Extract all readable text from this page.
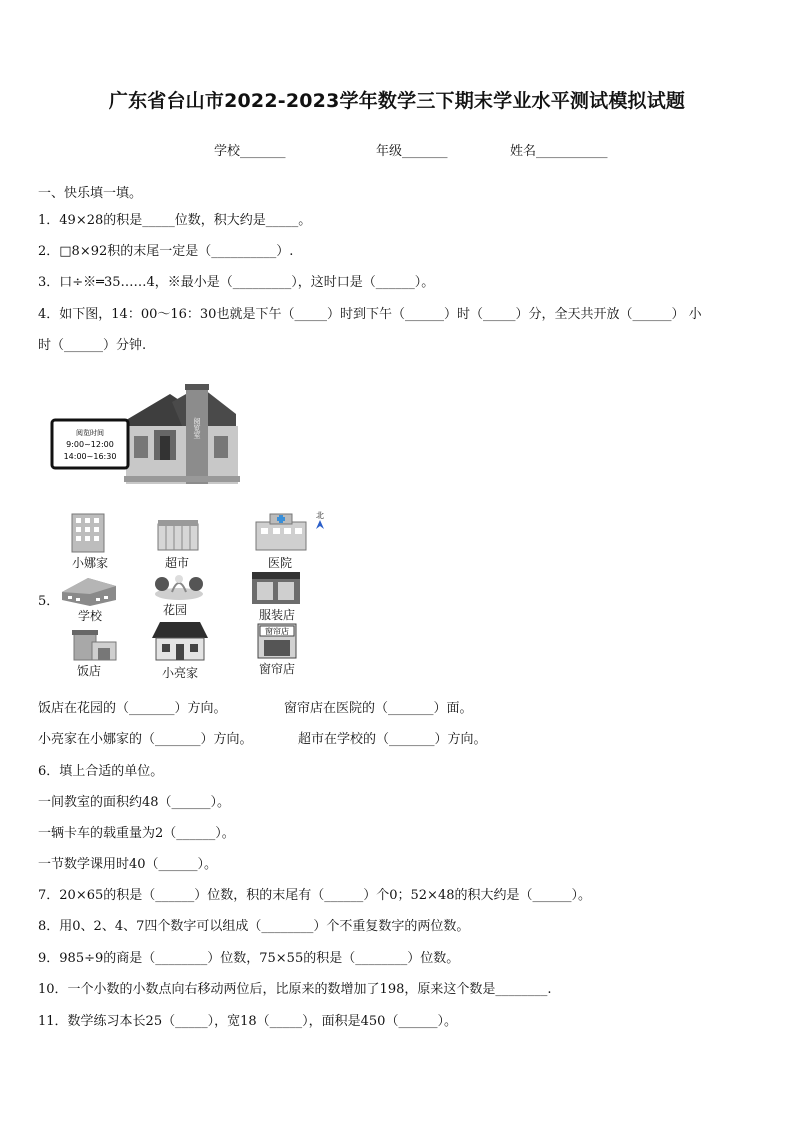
广东省台山市2022-2023学年数学三下期末学业水平测试模拟试题
学校_______	年级_______	姓名___________
一、快乐填一填。
1．49×28的积是_____位数，积大约是_____。
2．□8×92积的末尾一定是（__________）.
3．口÷※═35……4，※最小是（_________），这时口是（______）。
4．如下图，14：00～16：30也就是下午（_____）时到下午（______）时（_____）分，全天共开放（______） 小
时（______）分钟.
阅览室
阅览时间
9:00~12:00
14:00~16:30
5．
北
小娜家	超市	医院
学校	花园	服装店
饭店	小亮家
窗帘店
窗帘店
饭店在花园的（_______）方向。	窗帘店在医院的（_______）面。
小亮家在小娜家的（_______）方向。	超市在学校的（_______）方向。
6．填上合适的单位。
一间教室的面积约48（______）。
一辆卡车的载重量为2（______）。
一节数学课用时40（______）。
7．20×65的积是（______）位数，积的末尾有（______）个0；52×48的积大约是（______）。
8．用0、2、4、7四个数字可以组成（________）个不重复数字的两位数。
9．985÷9的商是（________）位数，75×55的积是（________）位数。
10．一个小数的小数点向右移动两位后，比原来的数增加了198，原来这个数是________.
11．数学练习本长25（_____），宽18（_____），面积是450（______）。
